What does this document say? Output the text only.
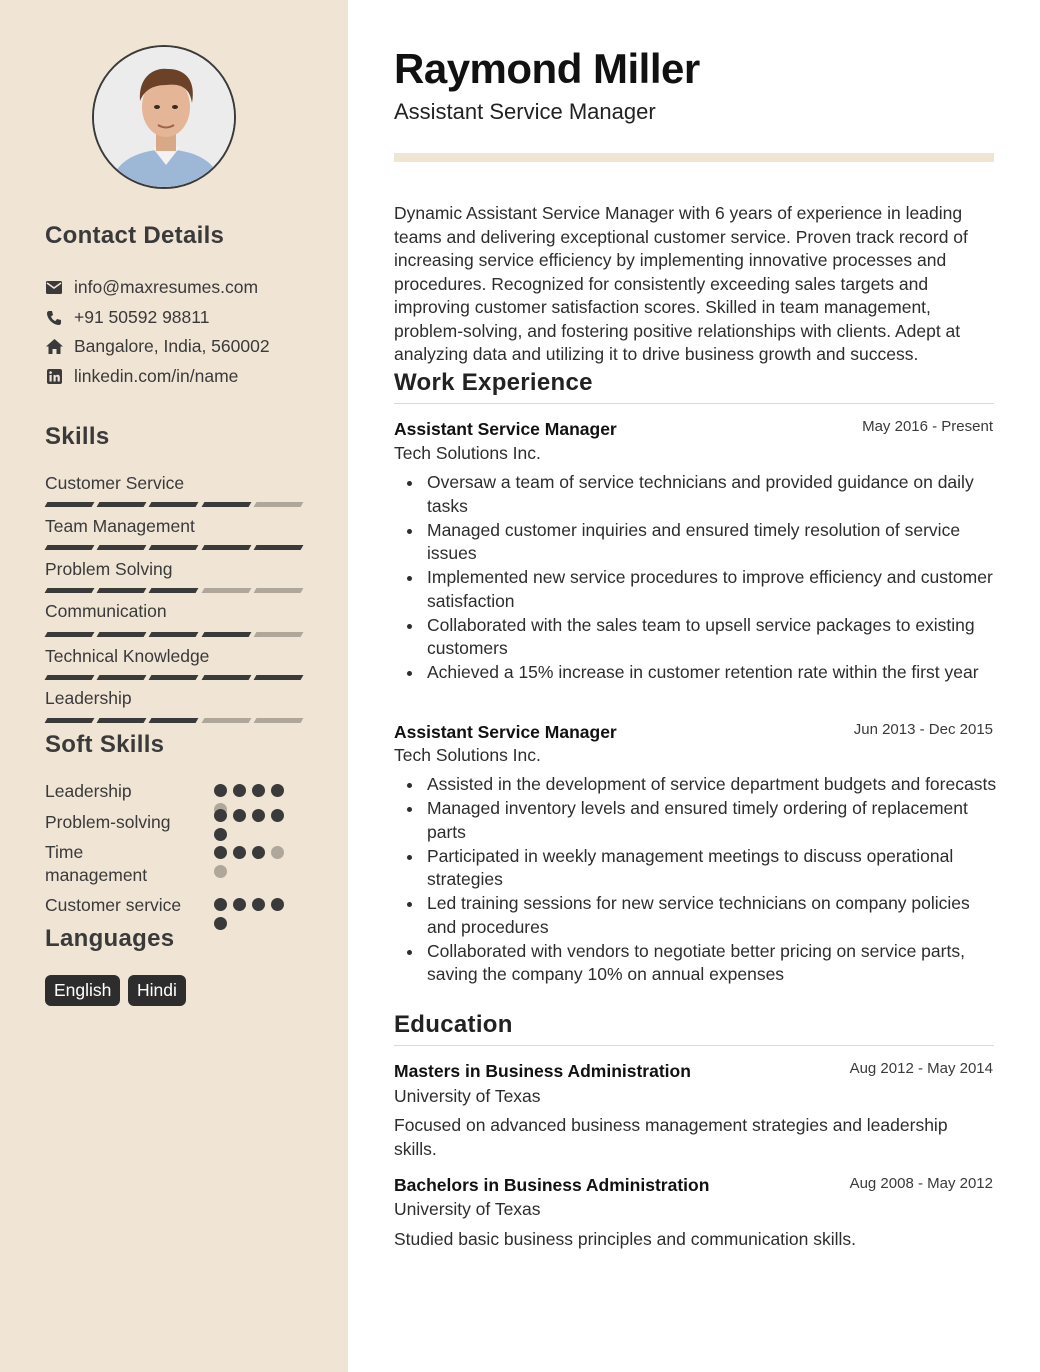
Contact Details
info@maxresumes.com
+91 50592 98811
Bangalore, India, 560002
linkedin.com/in/name
Skills
Customer Service
Team Management
Problem Solving
Communication
Technical Knowledge
Leadership
Soft Skills
Leadership
Problem-solving
Time management
Customer service
Languages
English	Hindi
Raymond Miller
Assistant Service Manager
Dynamic Assistant Service Manager with 6 years of experience in leading teams and delivering exceptional customer service. Proven track record of increasing service efficiency by implementing innovative processes and procedures. Recognized for consistently exceeding sales targets and improving customer satisfaction scores. Skilled in team management, problem-solving, and fostering positive relationships with clients. Adept at analyzing data and utilizing it to drive business growth and success.
Work Experience
Assistant Service Manager	May 2016 - Present
Tech Solutions Inc.
Oversaw a team of service technicians and provided guidance on daily tasks
Managed customer inquiries and ensured timely resolution of service issues
Implemented new service procedures to improve efficiency and customer satisfaction
Collaborated with the sales team to upsell service packages to existing customers
Achieved a 15% increase in customer retention rate within the first year
Assistant Service Manager	Jun 2013 - Dec 2015
Tech Solutions Inc.
Assisted in the development of service department budgets and forecasts
Managed inventory levels and ensured timely ordering of replacement parts
Participated in weekly management meetings to discuss operational strategies
Led training sessions for new service technicians on company policies and procedures
Collaborated with vendors to negotiate better pricing on service parts, saving the company 10% on annual expenses
Education
Masters in Business Administration	Aug 2012 - May 2014
University of Texas
Focused on advanced business management strategies and leadership skills.
Bachelors in Business Administration	Aug 2008 - May 2012
University of Texas
Studied basic business principles and communication skills.
